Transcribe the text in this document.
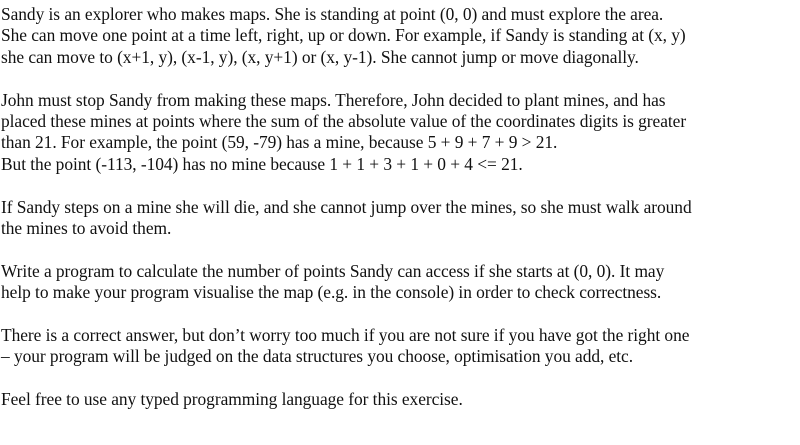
Sandy is an explorer who makes maps. She is standing at point (0, 0) and must explore the area.
She can move one point at a time left, right, up or down. For example, if Sandy is standing at (x, y)
she can move to (x+1, y), (x-1, y), (x, y+1) or (x, y-1). She cannot jump or move diagonally.
John must stop Sandy from making these maps. Therefore, John decided to plant mines, and has
placed these mines at points where the sum of the absolute value of the coordinates digits is greater
than 21. For example, the point (59, -79) has a mine, because 5 + 9 + 7 + 9 > 21.
But the point (-113, -104) has no mine because 1 + 1 + 3 + 1 + 0 + 4 <= 21.
If Sandy steps on a mine she will die, and she cannot jump over the mines, so she must walk around
the mines to avoid them.
Write a program to calculate the number of points Sandy can access if she starts at (0, 0). It may
help to make your program visualise the map (e.g. in the console) in order to check correctness.
There is a correct answer, but don’t worry too much if you are not sure if you have got the right one
– your program will be judged on the data structures you choose, optimisation you add, etc.
Feel free to use any typed programming language for this exercise.
